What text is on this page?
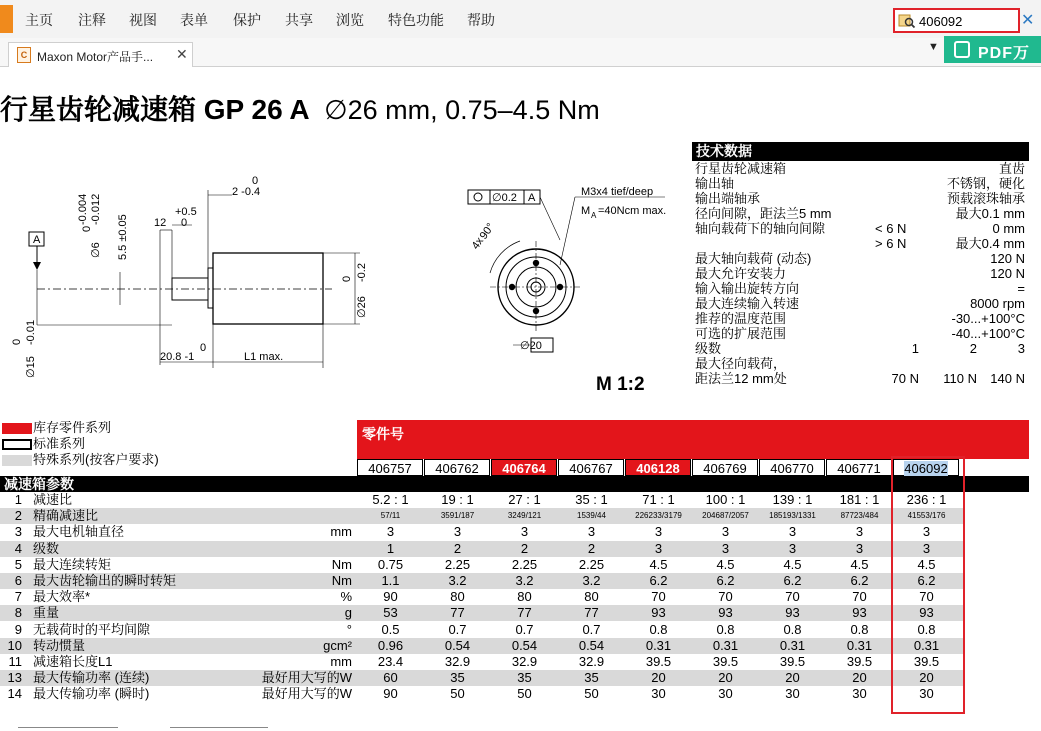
主页 注释 视图 表单 保护 共享 浏览 特色功能 帮助
406092	✕
C Maxon Motor产品手... ✕	▼ PDF万
行星齿轮减速箱 GP 26 A ∅26 mm, 0.75–4.5 Nm
0
2 -0.4
0
-0.004 -0.012
∅6 5.5 ±0.05
+0.5
12 0
A
0 -0.01
∅15
0
20.8 -1	L1 max.
0 -0.2
∅26
∅0.2 A	M3x4 tief/deep
M A =40Ncm max.
4x
90°
∅20
M 1:2
技术数据
行星齿轮减速箱	直齿
输出轴	不锈钢，硬化
输出端轴承	预载滚珠轴承
径向间隙，距法兰5 mm	最大0.1 mm
轴向载荷下的轴向间隙	< 6 N	0 mm
> 6 N	最大0.4 mm
最大轴向载荷 (动态)	120 N
最大允许安装力	120 N
输入输出旋转方向	=
最大连续输入转速	8000 rpm
推荐的温度范围	-30...+100°C
可选的扩展范围	-40...+100°C
级数	1	2	3
最大径向载荷，
距法兰12 mm处	70 N 110 N 140 N
库存零件系列
标准系列
特殊系列(按客户要求)
零件号
406757	406762	406764	406767	406128	406769	406770	406771	406092
减速箱参数
1 减速比	5.2 : 1	19 : 1	27 : 1	35 : 1	71 : 1	100 : 1	139 : 1	181 : 1	236 : 1
2 精确减速比	57/11	3591/187	3249/121	1539/44	226233/3179	204687/2057	185193/1331	87723/484	41553/176
3 最大电机轴直径	mm	3	3	3	3	3	3	3	3	3
4 级数	1	2	2	2	3	3	3	3	3
5 最大连续转矩	Nm	0.75	2.25	2.25	2.25	4.5	4.5	4.5	4.5	4.5
6 最大齿轮输出的瞬时转矩	Nm	1.1	3.2	3.2	3.2	6.2	6.2	6.2	6.2	6.2
7 最大效率*	%	90	80	80	80	70	70	70	70	70
8 重量	g	53	77	77	77	93	93	93	93	93
9 无载荷时的平均间隙	°	0.5	0.7	0.7	0.7	0.8	0.8	0.8	0.8	0.8
10 转动惯量	gcm²	0.96	0.54	0.54	0.54	0.31	0.31	0.31	0.31	0.31
11 减速箱长度L1	mm	23.4	32.9	32.9	32.9	39.5	39.5	39.5	39.5	39.5
13 最大传输功率 (连续)	最好用大写的W	60	35	35	35	20	20	20	20	20
14 最大传输功率 (瞬时)	最好用大写的W	90	50	50	50	30	30	30	30	30
